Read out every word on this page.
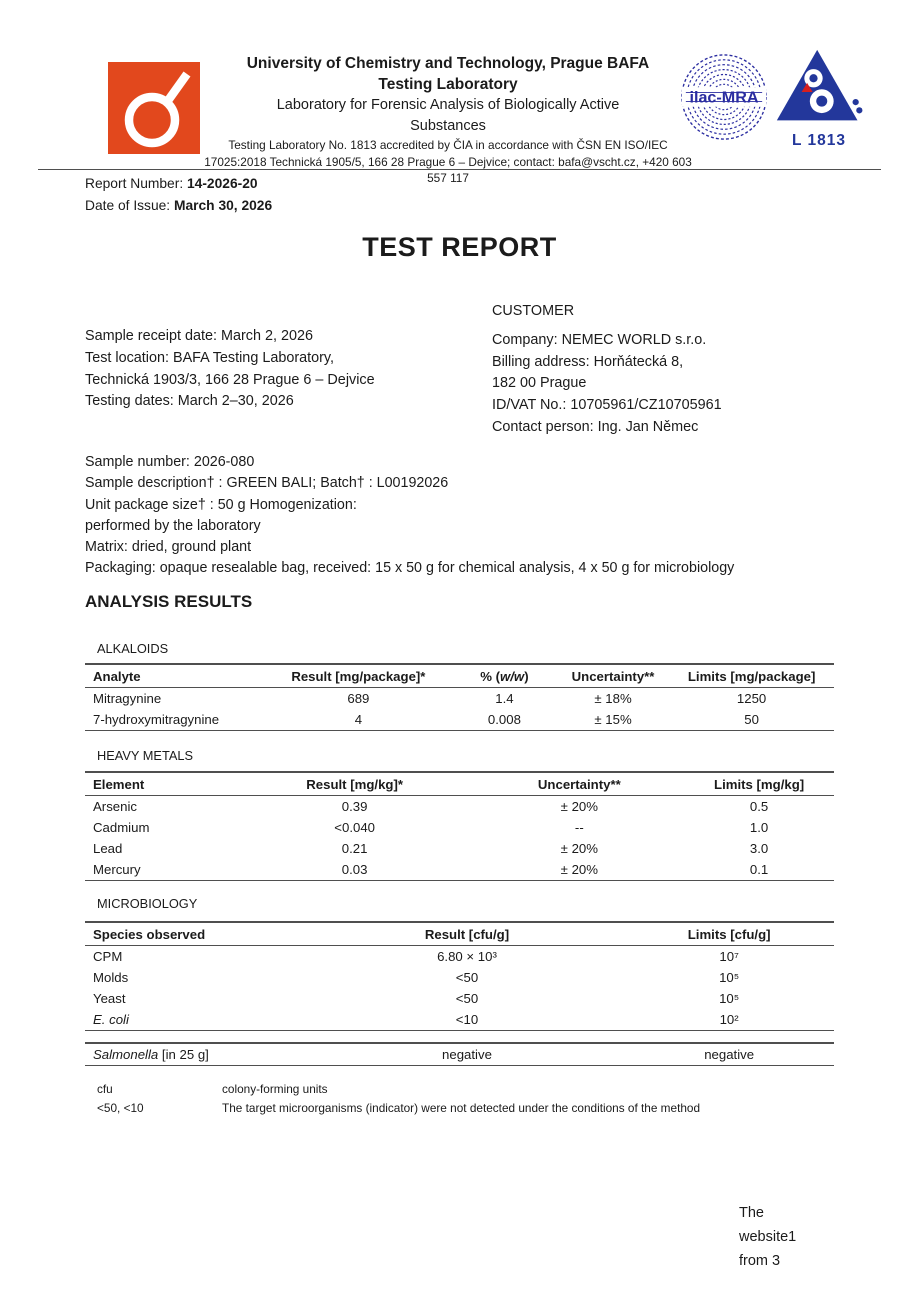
University of Chemistry and Technology, Prague BAFA
Testing Laboratory
Laboratory for Forensic Analysis of Biologically Active
Substances
Testing Laboratory No. 1813 accredited by ČIA in accordance with ČSN EN ISO/IEC
17025:2018 Technická 1905/5, 166 28 Prague 6 – Dejvice; contact: bafa@vscht.cz, +420 603
557 117
ilac-MRA
L 1813
Report Number: 14-2026-20
Date of Issue: March 30, 2026
TEST REPORT
Sample receipt date: March 2, 2026
Test location: BAFA Testing Laboratory,
Technická 1903/3, 166 28 Prague 6 – Dejvice
Testing dates: March 2–30, 2026
CUSTOMER
Company: NEMEC WORLD s.r.o.
Billing address: Horňátecká 8,
182 00 Prague
ID/VAT No.: 10705961/CZ10705961
Contact person: Ing. Jan Němec
Sample number: 2026-080
Sample description† : GREEN BALI; Batch† : L00192026
Unit package size† : 50 g Homogenization:
performed by the laboratory
Matrix: dried, ground plant
Packaging: opaque resealable bag, received: 15 x 50 g for chemical analysis, 4 x 50 g for microbiology
ANALYSIS RESULTS
ALKALOIDS
Analyte	Result [mg/package]*	% (w/w)	Uncertainty**	Limits [mg/package]
Mitragynine	689	1.4	± 18%	1250
7-hydroxymitragynine	4	0.008	± 15%	50
HEAVY METALS
Element	Result [mg/kg]*	Uncertainty**	Limits [mg/kg]
Arsenic	0.39	± 20%	0.5
Cadmium	<0.040	--	1.0
Lead	0.21	± 20%	3.0
Mercury	0.03	± 20%	0.1
MICROBIOLOGY
Species observed	Result [cfu/g]	Limits [cfu/g]
CPM	6.80 × 10³	10⁷
Molds	<50	10⁵
Yeast	<50	10⁵
E. coli	<10	10²
Salmonella [in 25 g]	negative	negative
cfu	colony-forming units
<50, <10	The target microorganisms (indicator) were not detected under the conditions of the method
The
website1
from 3
